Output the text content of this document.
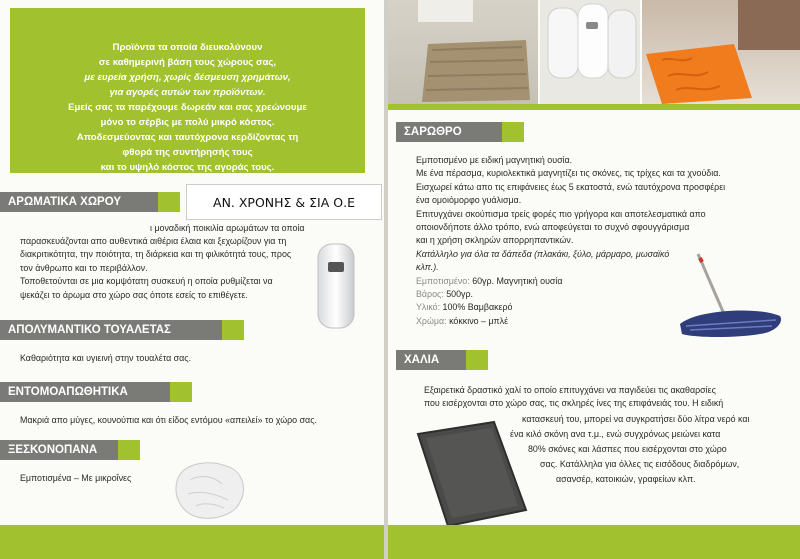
Προϊόντα τα οποία διευκολύνουν
σε καθημερινή βάση τους χώρους σας,
με ευρεία χρήση, χωρίς δέσμευση χρημάτων,
για αγορές αυτών των προϊόντων.
Εμείς σας τα παρέχουμε δωρεάν και σας χρεώνουμε
μόνο το σέρβις με πολύ μικρό κόστος.
Αποδεσμεύοντας και ταυτόχρονα κερδίζοντας τη
φθορά της συντήρησής τους
και το υψηλό κόστος της αγοράς τους.
ΑΡΩΜΑΤΙΚΑ ΧΩΡΟΥ	ΑΝ. ΧΡΟΝΗΣ & ΣΙΑ Ο.Ε
ι μοναδική ποικιλία αρωμάτων τα οποία
παρασκευάζονται απο αυθεντικά αιθέρια έλαια και ξεχωρίζουν για τη
διακριτικότητα, την ποιότητα, τη διάρκεια και τη φιλικότητά τους, προς
τον άνθρωπο και το περιβάλλον.
Τοποθετούνται σε μια κομψότατη συσκευή η οποία ρυθμίζεται να
ψεκάζει το άρωμα στο χώρο σας όποτε εσείς το επιθέγετε.
ΑΠΟΛΥΜΑΝΤΙΚΟ ΤΟΥΑΛΕΤΑΣ
Καθαριότητα και υγιεινή στην τουαλέτα σας.
ΕΝΤΟΜΟΑΠΩΘΗΤΙΚΑ
Μακριά απο μύγες, κουνούπια και ότι είδος εντόμου «απειλεί» το χώρο σας.
ΞΕΣΚΟΝΟΠΑΝΑ
Εμποτισμένα – Με μικροΐνες
ΣΑΡΩΘΡΟ
Εμποτισμένο με ειδική μαγνητική ουσία.
Με ένα πέρασμα, κυριολεκτικά μαγνητίζει τις σκόνες, τις τρίχες και τα χνούδια.
Εισχωρεί κάτω απο τις επιφάνειες έως 5 εκατοστά, ενώ ταυτόχρονα προσφέρει
ένα ομοιόμορφο γυάλισμα.
Επιτυγχάνει σκούπισμα τρείς φορές πιο γρήγορα και αποτελεσματικά απο
οποιονδήποτε άλλο τρόπο, ενώ αποφεύγεται το συχνό σφουγγάρισμα
και η χρήση σκληρών απορρηπαντικών.
Κατάλληλο για όλα τα δάπεδα (πλακάκι, ξύλο, μάρμαρο, μωσαϊκό
κλπ.).
Εμποτισμένο: 60γρ. Μαγνητική ουσία
Βάρος: 500γρ.
Υλικό: 100% Βαμβακερό
Χρώμα: κόκκινο – μπλέ
ΧΑΛΙΑ
Εξαιρετικά δραστικό χαλί το οποίο επιτυγχάνει να παγιδεύει τις ακαθαρσίες
που εισέρχονται στο χώρο σας, τις σκληρές ίνες της επιφάνειάς του. Η ειδική
κατασκευή του, μπορεί να συγκρατήσει δύο λίτρα νερό και
ένα κιλό σκόνη ανα τ.μ., ενώ συγχρόνως μειώνει κατα
80% σκόνες και λάσπες που εισέρχονται στο χώρο
σας. Κατάλληλα για όλλες τις εισόδους διαδρόμων,
ασανσέρ, κατοικιών, γραφείων κλπ.
